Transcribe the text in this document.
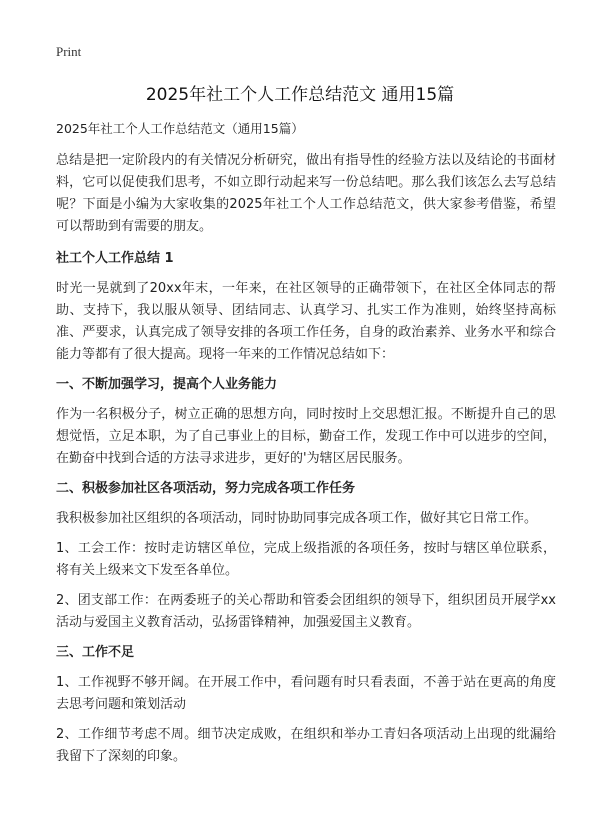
Print
2025年社工个人工作总结范文 通用15篇

2025年社工个人工作总结范文（通用15篇）

总结是把一定阶段内的有关情况分析研究，做出有指导性的经验方法以及结论的书面材料，它可以促使我们思考，不如立即行动起来写一份总结吧。那么我们该怎么去写总结呢？下面是小编为大家收集的2025年社工个人工作总结范文，供大家参考借鉴，希望可以帮助到有需要的朋友。

社工个人工作总结 1

时光一晃就到了20xx年末，一年来，在社区领导的正确带领下，在社区全体同志的帮助、支持下，我以服从领导、团结同志、认真学习、扎实工作为准则，始终坚持高标准、严要求，认真完成了领导安排的各项工作任务，自身的政治素养、业务水平和综合能力等都有了很大提高。现将一年来的工作情况总结如下：

一、不断加强学习，提高个人业务能力

作为一名积极分子，树立正确的思想方向，同时按时上交思想汇报。不断提升自己的思想觉悟，立足本职，为了自己事业上的目标，勤奋工作，发现工作中可以进步的空间，在勤奋中找到合适的方法寻求进步，更好的'为辖区居民服务。

二、积极参加社区各项活动，努力完成各项工作任务

我积极参加社区组织的各项活动，同时协助同事完成各项工作，做好其它日常工作。

1、工会工作：按时走访辖区单位，完成上级指派的各项任务，按时与辖区单位联系，将有关上级来文下发至各单位。

2、团支部工作：在两委班子的关心帮助和管委会团组织的领导下，组织团员开展学xx活动与爱国主义教育活动，弘扬雷锋精神，加强爱国主义教育。

三、工作不足

1、工作视野不够开阔。在开展工作中，看问题有时只看表面，不善于站在更高的角度去思考问题和策划活动

2、工作细节考虑不周。细节决定成败，在组织和举办工青妇各项活动上出现的纰漏给我留下了深刻的印象。
